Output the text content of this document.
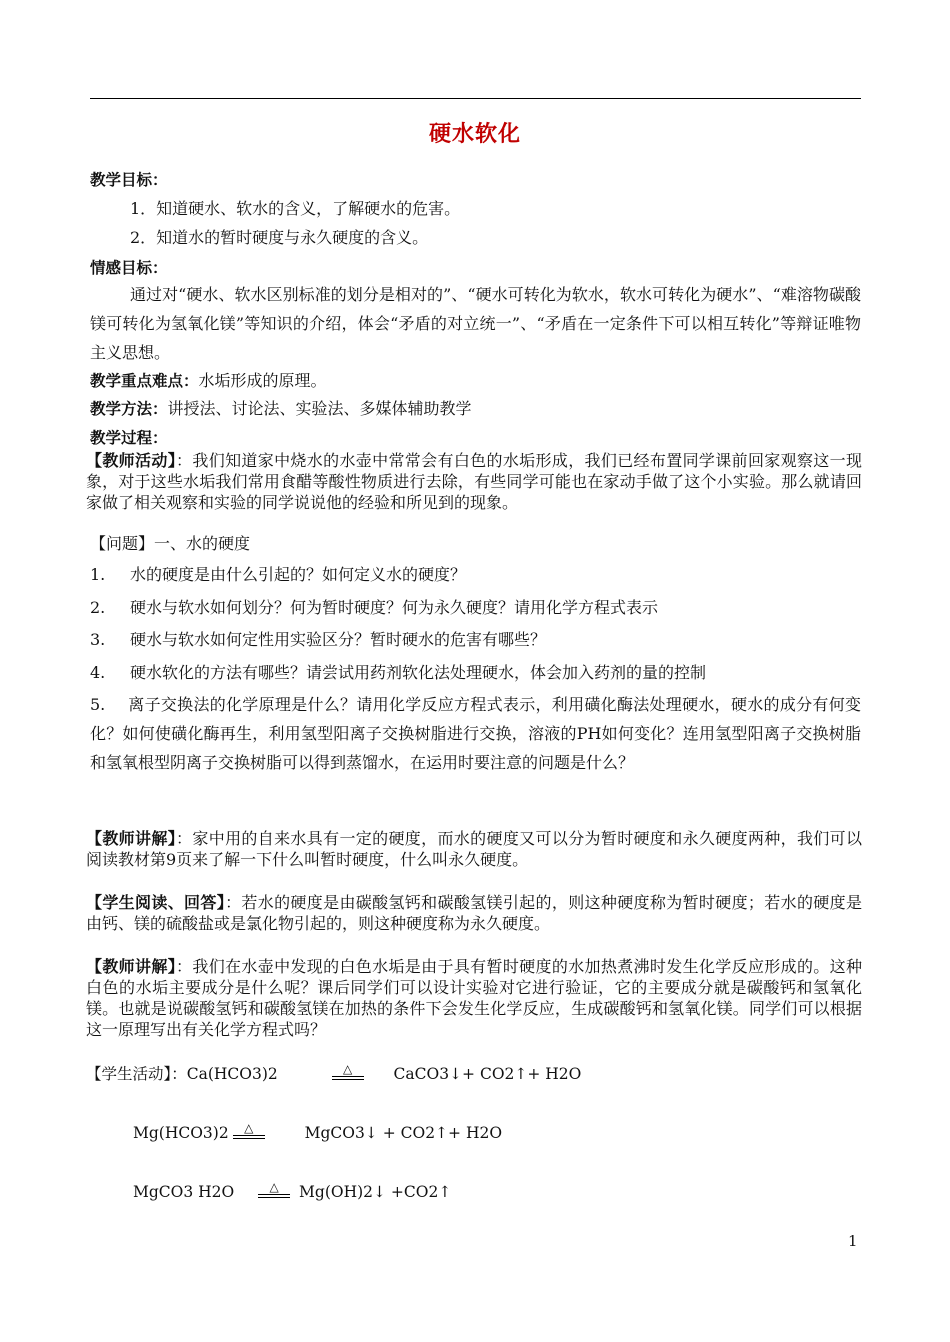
硬水软化
教学目标：
1．知道硬水、软水的含义，了解硬水的危害。
2．知道水的暂时硬度与永久硬度的含义。
情感目标：
通过对“硬水、软水区别标准的划分是相对的”、“硬水可转化为软水，软水可转化为硬水”、“难溶物碳酸镁可转化为氢氧化镁”等知识的介绍，体会“矛盾的对立统一”、“矛盾在一定条件下可以相互转化”等辩证唯物主义思想。
教学重点难点：水垢形成的原理。
教学方法：讲授法、讨论法、实验法、多媒体辅助教学
教学过程：
【教师活动】：我们知道家中烧水的水壶中常常会有白色的水垢形成，我们已经布置同学课前回家观察这一现象，对于这些水垢我们常用食醋等酸性物质进行去除，有些同学可能也在家动手做了这个小实验。那么就请回家做了相关观察和实验的同学说说他的经验和所见到的现象。
【问题】一、水的硬度
1. 水的硬度是由什么引起的？如何定义水的硬度？
2. 硬水与软水如何划分？何为暂时硬度？何为永久硬度？请用化学方程式表示
3. 硬水与软水如何定性用实验区分？暂时硬水的危害有哪些？
4. 硬水软化的方法有哪些？请尝试用药剂软化法处理硬水，体会加入药剂的量的控制
5. 离子交换法的化学原理是什么？请用化学反应方程式表示，利用磺化酶法处理硬水，硬水的成分有何变化？如何使磺化酶再生，利用氢型阳离子交换树脂进行交换，溶液的PH如何变化？连用氢型阳离子交换树脂和氢氧根型阴离子交换树脂可以得到蒸馏水，在运用时要注意的问题是什么？
【教师讲解】：家中用的自来水具有一定的硬度，而水的硬度又可以分为暂时硬度和永久硬度两种，我们可以阅读教材第9页来了解一下什么叫暂时硬度，什么叫永久硬度。
【学生阅读、回答】：若水的硬度是由碳酸氢钙和碳酸氢镁引起的，则这种硬度称为暂时硬度；若水的硬度是由钙、镁的硫酸盐或是氯化物引起的，则这种硬度称为永久硬度。
【教师讲解】：我们在水壶中发现的白色水垢是由于具有暂时硬度的水加热煮沸时发生化学反应形成的。这种白色的水垢主要成分是什么呢？课后同学们可以设计实验对它进行验证，它的主要成分就是碳酸钙和氢氧化镁。也就是说碳酸氢钙和碳酸氢镁在加热的条件下会发生化学反应，生成碳酸钙和氢氧化镁。同学们可以根据这一原理写出有关化学方程式吗？
【学生活动】：Ca(HCO3)2	△	CaCO3↓+ CO2↑+ H2O
Mg(HCO3)2 △	MgCO3↓ + CO2↑+ H2O
MgCO3 H2O	△ Mg(OH)2↓ +CO2↑
1
